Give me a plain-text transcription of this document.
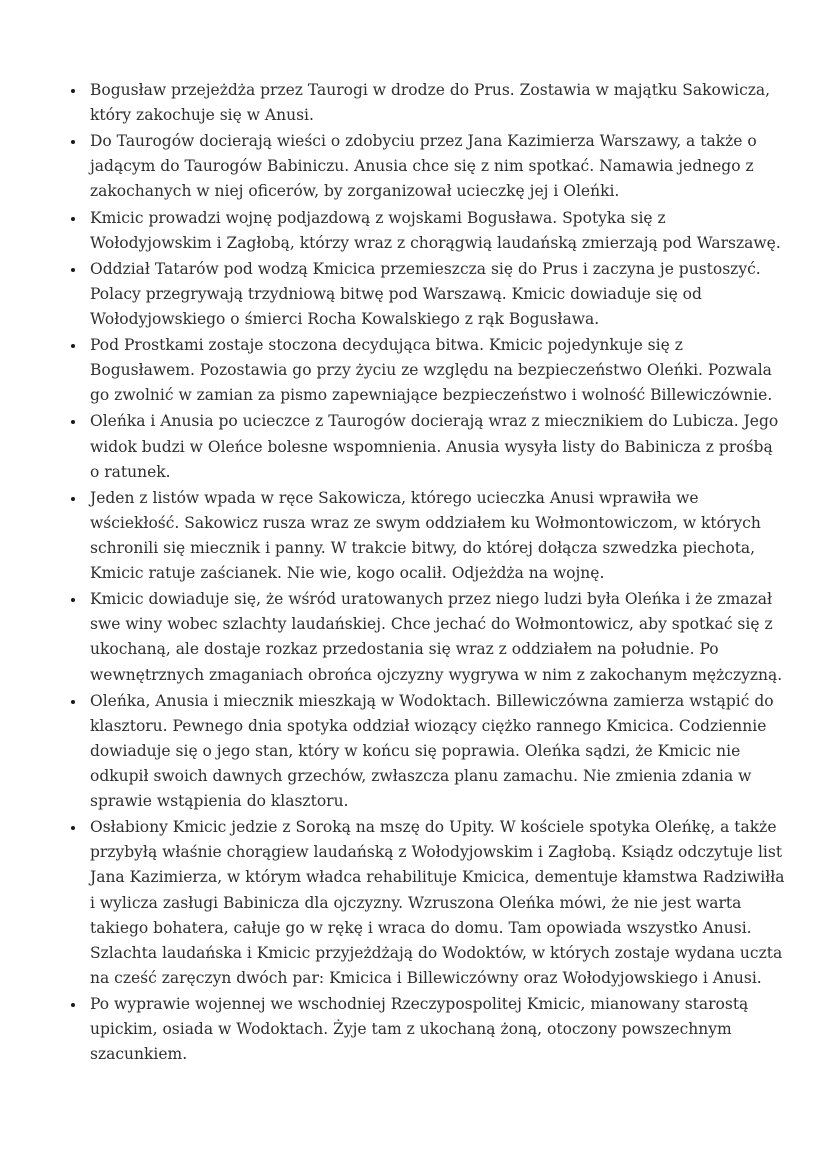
• Bogusław przejeżdża przez Taurogi w drodze do Prus. Zostawia w majątku Sakowicza, który zakochuje się w Anusi.
• Do Taurogów docierają wieści o zdobyciu przez Jana Kazimierza Warszawy, a także o jadącym do Taurogów Babiniczu. Anusia chce się z nim spotkać. Namawia jednego z zakochanych w niej oficerów, by zorganizował ucieczkę jej i Oleńki.
• Kmicic prowadzi wojnę podjazdową z wojskami Bogusława. Spotyka się z Wołodyjowskim i Zagłobą, którzy wraz z chorągwią laudańską zmierzają pod Warszawę.
• Oddział Tatarów pod wodzą Kmicica przemieszcza się do Prus i zaczyna je pustoszyć. Polacy przegrywają trzydniową bitwę pod Warszawą. Kmicic dowiaduje się od Wołodyjowskiego o śmierci Rocha Kowalskiego z rąk Bogusława.
• Pod Prostkami zostaje stoczona decydująca bitwa. Kmicic pojedynkuje się z Bogusławem. Pozostawia go przy życiu ze względu na bezpieczeństwo Oleńki. Pozwala go zwolnić w zamian za pismo zapewniające bezpieczeństwo i wolność Billewiczównie.
• Oleńka i Anusia po ucieczce z Taurogów docierają wraz z miecznikiem do Lubicza. Jego widok budzi w Oleńce bolesne wspomnienia. Anusia wysyła listy do Babinicza z prośbą o ratunek.
• Jeden z listów wpada w ręce Sakowicza, którego ucieczka Anusi wprawiła we wściekłość. Sakowicz rusza wraz ze swym oddziałem ku Wołmontowiczom, w których schronili się miecznik i panny. W trakcie bitwy, do której dołącza szwedzka piechota, Kmicic ratuje zaścianek. Nie wie, kogo ocalił. Odjeżdża na wojnę.
• Kmicic dowiaduje się, że wśród uratowanych przez niego ludzi była Oleńka i że zmazał swe winy wobec szlachty laudańskiej. Chce jechać do Wołmontowicz, aby spotkać się z ukochaną, ale dostaje rozkaz przedostania się wraz z oddziałem na południe. Po wewnętrznych zmaganiach obrońca ojczyzny wygrywa w nim z zakochanym mężczyzną.
• Oleńka, Anusia i miecznik mieszkają w Wodoktach. Billewiczówna zamierza wstąpić do klasztoru. Pewnego dnia spotyka oddział wiozący ciężko rannego Kmicica. Codziennie dowiaduje się o jego stan, który w końcu się poprawia. Oleńka sądzi, że Kmicic nie odkupił swoich dawnych grzechów, zwłaszcza planu zamachu. Nie zmienia zdania w sprawie wstąpienia do klasztoru.
• Osłabiony Kmicic jedzie z Soroką na mszę do Upity. W kościele spotyka Oleńkę, a także przybyłą właśnie chorągiew laudańską z Wołodyjowskim i Zagłobą. Ksiądz odczytuje list Jana Kazimierza, w którym władca rehabilituje Kmicica, dementuje kłamstwa Radziwiłła i wylicza zasługi Babinicza dla ojczyzny. Wzruszona Oleńka mówi, że nie jest warta takiego bohatera, całuje go w rękę i wraca do domu. Tam opowiada wszystko Anusi. Szlachta laudańska i Kmicic przyjeżdżają do Wodoktów, w których zostaje wydana uczta na cześć zaręczyn dwóch par: Kmicica i Billewiczówny oraz Wołodyjowskiego i Anusi.
• Po wyprawie wojennej we wschodniej Rzeczypospolitej Kmicic, mianowany starostą upickim, osiada w Wodoktach. Żyje tam z ukochaną żoną, otoczony powszechnym szacunkiem.
